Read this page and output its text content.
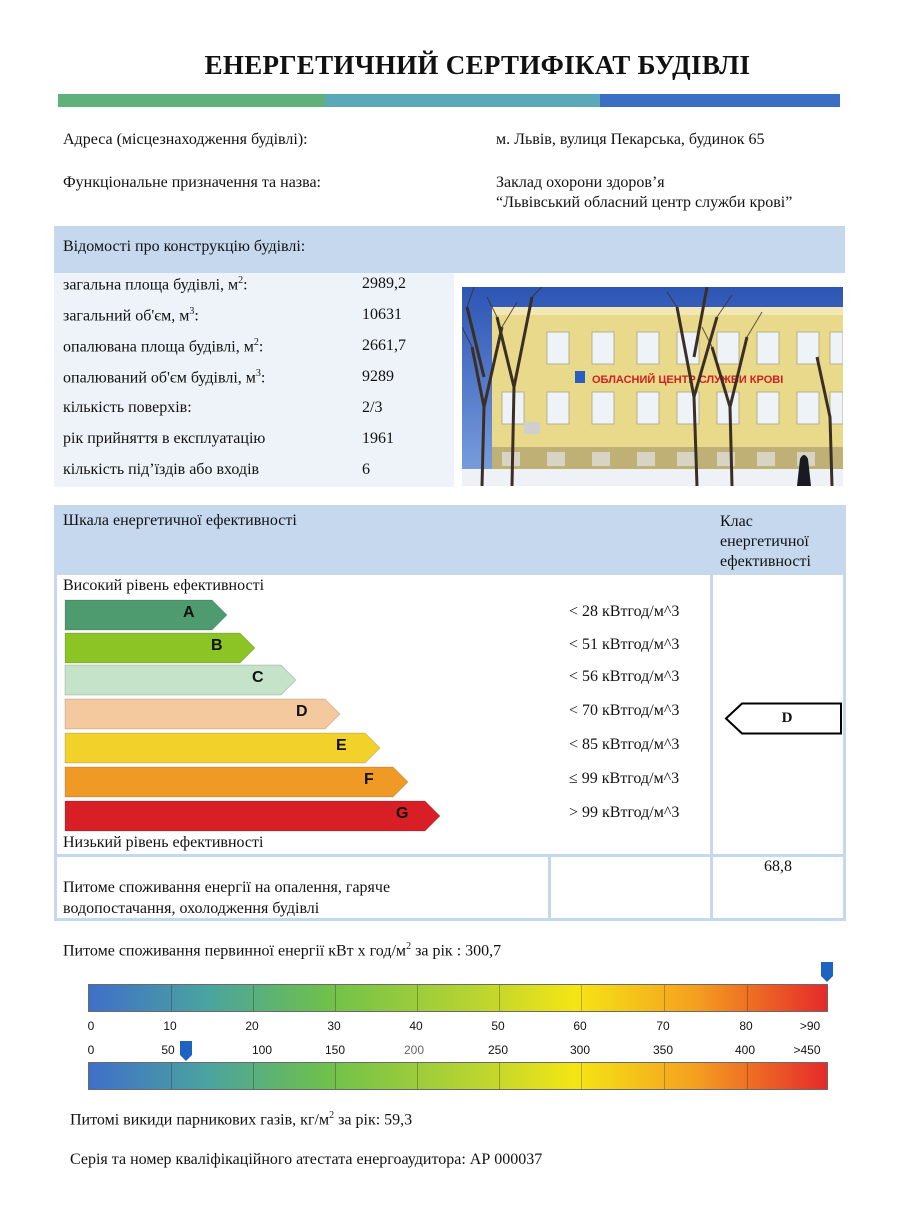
ЕНЕРГЕТИЧНИЙ СЕРТИФІКАТ БУДІВЛІ
Адреса (місцезнаходження будівлі):	м. Львів, вулиця Пекарська, будинок 65
Функціональне призначення та назва:	Заклад охорони здоров’я
“Львівський обласний центр служби крові”
Відомості про конструкцію будівлі:
загальна площа будівлі, $м^2$:	2989,2
загальний об'єм, $м^3$:	10631
опалювана площа будівлі, $м^2$:	2661,7
опалюваний об'єм будівлі, $м^3$:	9289
кількість поверхів:	2/3
рік прийняття в експлуатацію	1961
кількість під’їздів або входів	6
ОБЛАСНИЙ ЦЕНТР СЛУЖБИ КРОВІ
Шкала енергетичної ефективності	Клас енергетичної ефективності
Високий рівень ефективності
Низький рівень ефективності
A	< 28 кВтгод/м^3
B	< 51 кВтгод/м^3
C	< 56 кВтгод/м^3
D	< 70 кВтгод/м^3
E	< 85 кВтгод/м^3
F	≤ 99 кВтгод/м^3
G	> 99 кВтгод/м^3
D
Питоме споживання енергії на опалення, гаряче
водопостачання, охолодження будівлі
68,8
Питоме споживання первинної енергії кВт х год/$м^2$ за рік : 300,7
0	10	20	30	40	50	60	70	80	>90
0	50	100	150	200	250	300	350	400	>450
Питомі викиди парникових газів, $кг/м^2$ за рік: 59,3
Серія та номер кваліфікаційного атестата енергоаудитора: АР 000037
